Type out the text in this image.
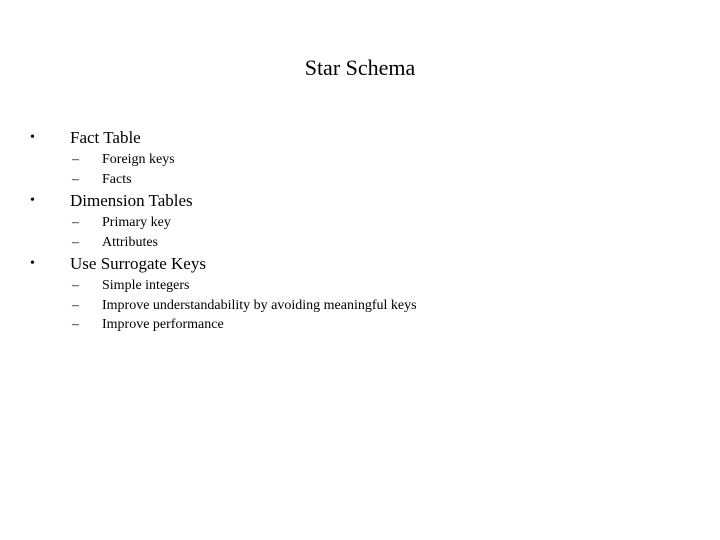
Star Schema
• Fact Table
– Foreign keys
– Facts
• Dimension Tables
– Primary key
– Attributes
• Use Surrogate Keys
– Simple integers
– Improve understandability by avoiding meaningful keys
– Improve performance
